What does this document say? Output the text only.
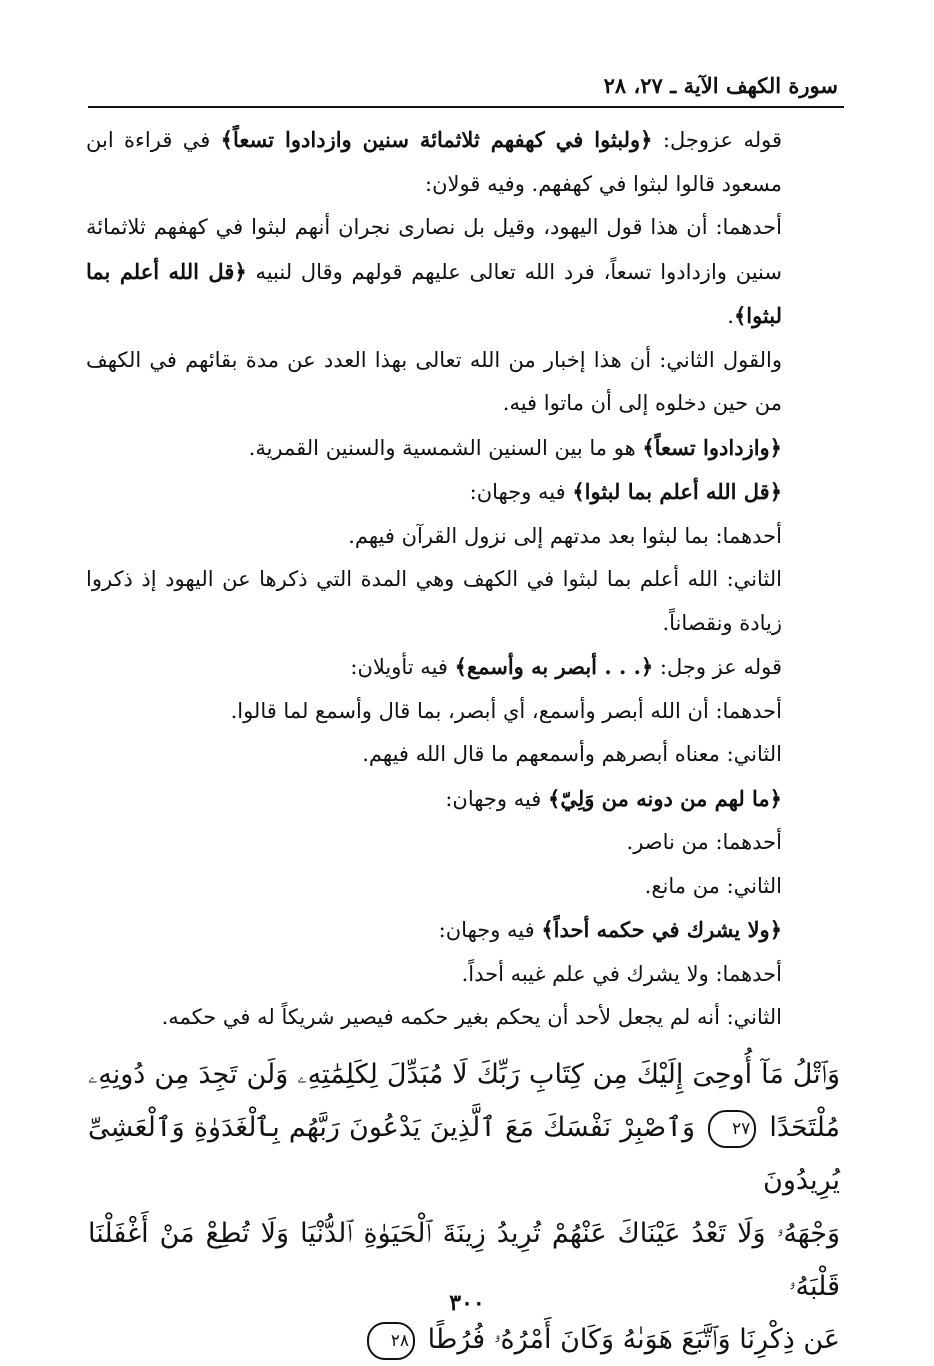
سورة الكهف الآية ـ ٢٧، ٢٨

قوله عزوجل: ﴿ولبثوا في كهفهم ثلاثمائة سنين وازدادوا تسعاً﴾ في قراءة ابن مسعود قالوا لبثوا في كهفهم. وفيه قولان:

أحدهما: أن هذا قول اليهود، وقيل بل نصارى نجران أنهم لبثوا في كهفهم ثلاثمائة سنين وازدادوا تسعاً، فرد الله تعالى عليهم قولهم وقال لنبيه ﴿قل الله أعلم بما لبثوا﴾.

والقول الثاني: أن هذا إخبار من الله تعالى بهذا العدد عن مدة بقائهم في الكهف من حين دخلوه إلى أن ماتوا فيه.

﴿وازدادوا تسعاً﴾ هو ما بين السنين الشمسية والسنين القمرية.

﴿قل الله أعلم بما لبثوا﴾ فيه وجهان:

أحدهما: بما لبثوا بعد مدتهم إلى نزول القرآن فيهم.

الثاني: الله أعلم بما لبثوا في الكهف وهي المدة التي ذكرها عن اليهود إذ ذكروا زيادة ونقصاناً.

قوله عز وجل: ﴿. . . أبصر به وأسمع﴾ فيه تأويلان:

أحدهما: أن الله أبصر وأسمع، أي أبصر، بما قال وأسمع لما قالوا.

الثاني: معناه أبصرهم وأسمعهم ما قال الله فيهم.

﴿ما لهم من دونه من وَلِيّ﴾ فيه وجهان:

أحدهما: من ناصر.

الثاني: من مانع.

﴿ولا يشرك في حكمه أحداً﴾ فيه وجهان:

أحدهما: ولا يشرك في علم غيبه أحداً.

الثاني: أنه لم يجعل لأحد أن يحكم بغير حكمه فيصير شريكاً له في حكمه.

وَٱتْلُ مَآ أُوحِىَ إِلَيْكَ مِن كِتَابِ رَبِّكَ لَا مُبَدِّلَ لِكَلِمَٰتِهِۦ وَلَن تَجِدَ مِن دُونِهِۦ

مُلْتَحَدًا ٢٧ وَٱصْبِرْ نَفْسَكَ مَعَ ٱلَّذِينَ يَدْعُونَ رَبَّهُم بِٱلْغَدَوٰةِ وَٱلْعَشِىِّ يُرِيدُونَ

وَجْهَهُۥ وَلَا تَعْدُ عَيْنَاكَ عَنْهُمْ تُرِيدُ زِينَةَ ٱلْحَيَوٰةِ ٱلدُّنْيَا وَلَا تُطِعْ مَنْ أَغْفَلْنَا قَلْبَهُۥ

عَن ذِكْرِنَا وَٱتَّبَعَ هَوَىٰهُ وَكَانَ أَمْرُهُۥ فُرُطًا ٢٨

٣٠٠
